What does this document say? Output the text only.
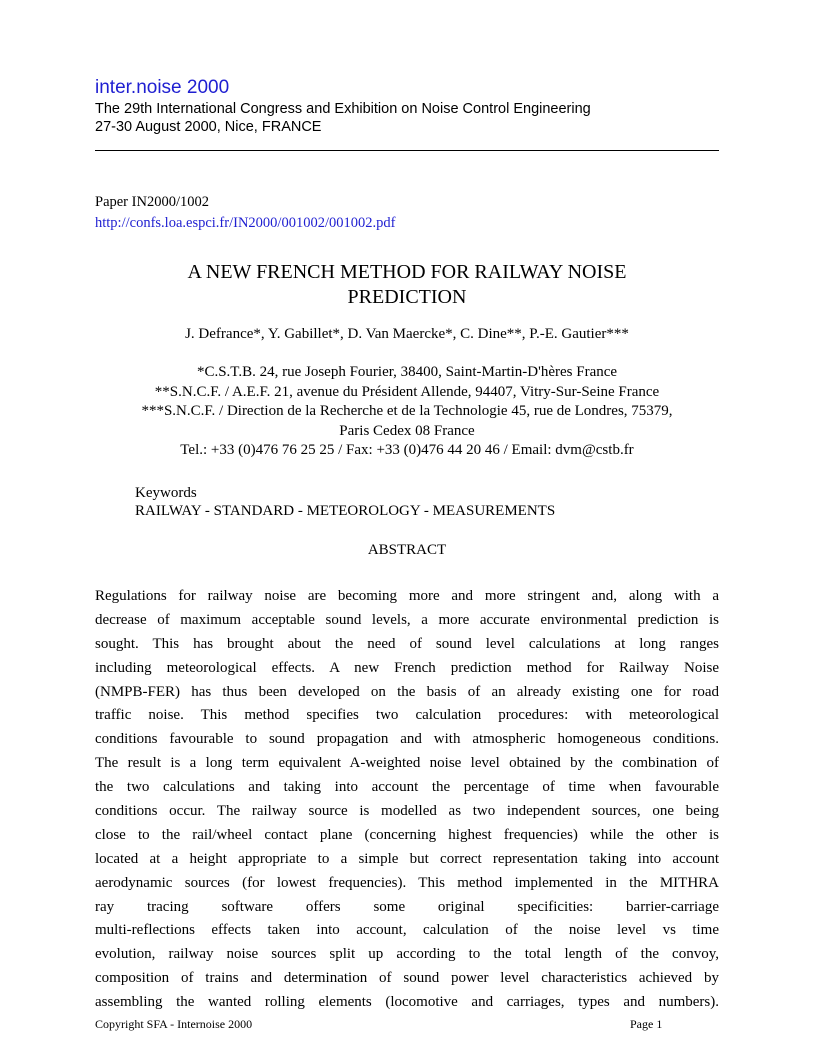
inter.noise 2000
The 29th International Congress and Exhibition on Noise Control Engineering
27-30 August 2000, Nice, FRANCE
Paper IN2000/1002
http://confs.loa.espci.fr/IN2000/001002/001002.pdf
A NEW FRENCH METHOD FOR RAILWAY NOISE
PREDICTION
J. Defrance*, Y. Gabillet*, D. Van Maercke*, C. Dine**, P.-E. Gautier***
*C.S.T.B. 24, rue Joseph Fourier, 38400, Saint-Martin-D'hères France
**S.N.C.F. / A.E.F. 21, avenue du Président Allende, 94407, Vitry-Sur-Seine France
***S.N.C.F. / Direction de la Recherche et de la Technologie 45, rue de Londres, 75379,
Paris Cedex 08 France
Tel.: +33 (0)476 76 25 25 / Fax: +33 (0)476 44 20 46 / Email: dvm@cstb.fr
Keywords
RAILWAY - STANDARD - METEOROLOGY - MEASUREMENTS
ABSTRACT
Regulations for railway noise are becoming more and more stringent and, along with a
decrease of maximum acceptable sound levels, a more accurate environmental prediction is
sought. This has brought about the need of sound level calculations at long ranges
including meteorological effects. A new French prediction method for Railway Noise
(NMPB-FER) has thus been developed on the basis of an already existing one for road
traffic noise. This method specifies two calculation procedures: with meteorological
conditions favourable to sound propagation and with atmospheric homogeneous conditions.
The result is a long term equivalent A-weighted noise level obtained by the combination of
the two calculations and taking into account the percentage of time when favourable
conditions occur. The railway source is modelled as two independent sources, one being
close to the rail/wheel contact plane (concerning highest frequencies) while the other is
located at a height appropriate to a simple but correct representation taking into account
aerodynamic sources (for lowest frequencies). This method implemented in the MITHRA
ray tracing software offers some original specificities: barrier-carriage
multi-reflections effects taken into account, calculation of the noise level vs time
evolution, railway noise sources split up according to the total length of the convoy,
composition of trains and determination of sound power level characteristics achieved by
assembling the wanted rolling elements (locomotive and carriages, types and numbers).
Copyright SFA - Internoise 2000	Page 1
